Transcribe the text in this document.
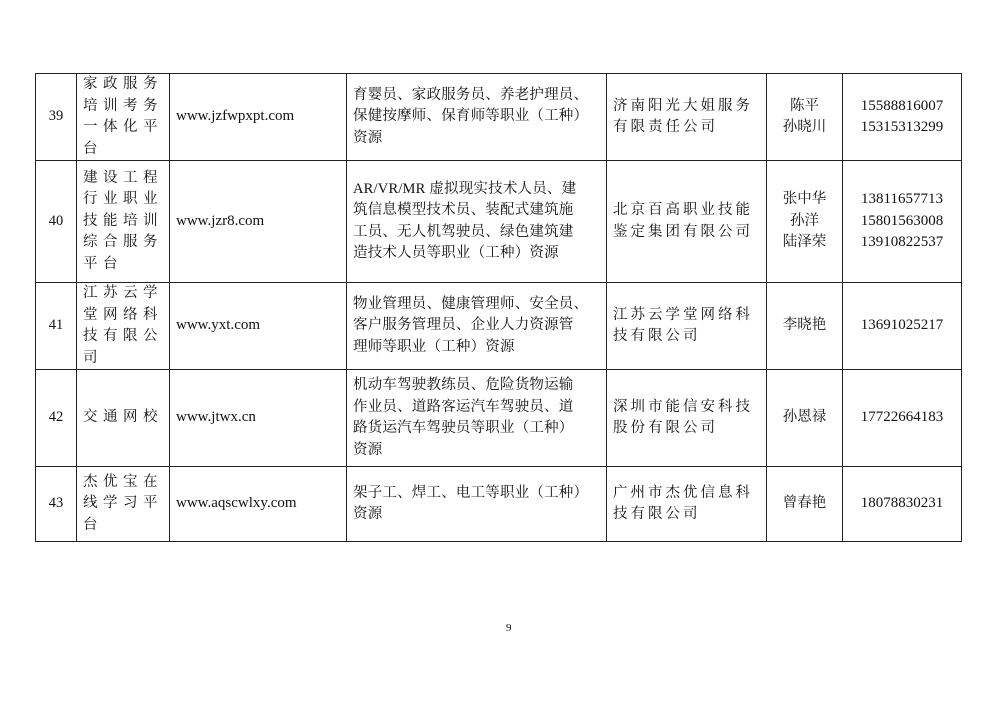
39	家政服务
培训考务
一体化平
台	www.jzfwpxpt.com	育婴员、家政服务员、养老护理员、
保健按摩师、保育师等职业（工种）
资源	济南阳光大姐服务
有限责任公司	陈平
孙晓川	15588816007
15315313299
40	建设工程
行业职业
技能培训
综合服务
平台	www.jzr8.com	AR/VR/MR 虚拟现实技术人员、建
筑信息模型技术员、装配式建筑施
工员、无人机驾驶员、绿色建筑建
造技术人员等职业（工种）资源	北京百高职业技能
鉴定集团有限公司	张中华
孙洋
陆泽荣	13811657713
15801563008
13910822537
41	江苏云学
堂网络科
技有限公
司	www.yxt.com	物业管理员、健康管理师、安全员、
客户服务管理员、企业人力资源管
理师等职业（工种）资源	江苏云学堂网络科
技有限公司	李晓艳	13691025217
42	交通网校	www.jtwx.cn	机动车驾驶教练员、危险货物运输
作业员、道路客运汽车驾驶员、道
路货运汽车驾驶员等职业（工种）
资源	深圳市能信安科技
股份有限公司	孙恩禄	17722664183
43	杰优宝在
线学习平
台	www.aqscwlxy.com	架子工、焊工、电工等职业（工种）
资源	广州市杰优信息科
技有限公司	曾春艳	18078830231
9
